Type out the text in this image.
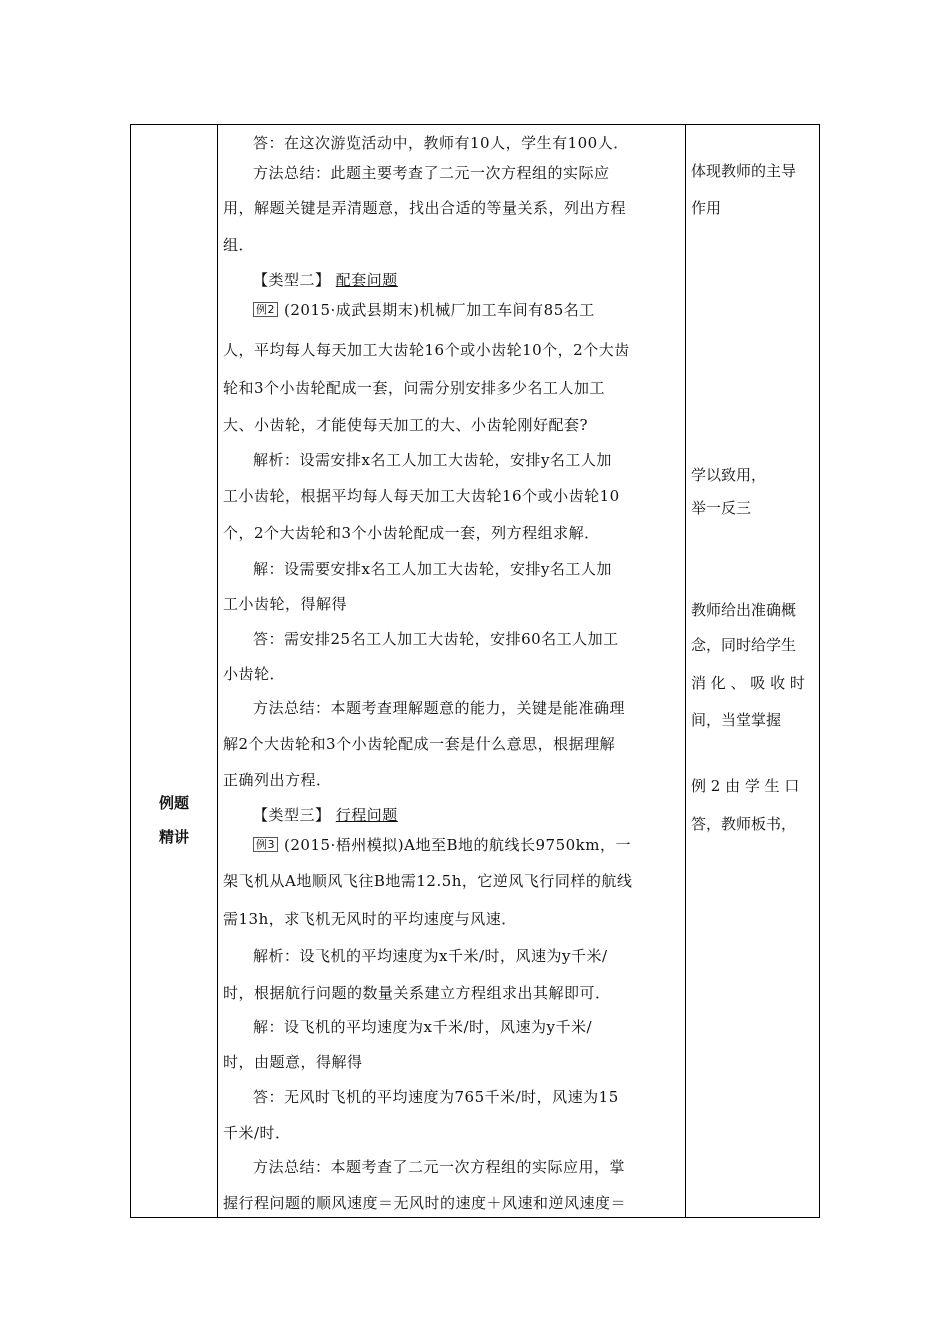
例题
精讲
答：在这次游览活动中，教师有10人，学生有100人．
方法总结：此题主要考查了二元一次方程组的实际应
用，解题关键是弄清题意，找出合适的等量关系，列出方程
组．
【类型二】 配套问题
例2 (2015·成武县期末)机械厂加工车间有85名工
人，平均每人每天加工大齿轮16个或小齿轮10个，2个大齿
轮和3个小齿轮配成一套，问需分别安排多少名工人加工
大、小齿轮，才能使每天加工的大、小齿轮刚好配套?
解析：设需安排x名工人加工大齿轮，安排y名工人加
工小齿轮，根据平均每人每天加工大齿轮16个或小齿轮10
个，2个大齿轮和3个小齿轮配成一套，列方程组求解．
解：设需要安排x名工人加工大齿轮，安排y名工人加
工小齿轮，得解得
答：需安排25名工人加工大齿轮，安排60名工人加工
小齿轮．
方法总结：本题考查理解题意的能力，关键是能准确理
解2个大齿轮和3个小齿轮配成一套是什么意思，根据理解
正确列出方程．
【类型三】 行程问题
例3 (2015·梧州模拟)A地至B地的航线长9750km，一
架飞机从A地顺风飞往B地需12.5h，它逆风飞行同样的航线
需13h，求飞机无风时的平均速度与风速．
解析：设飞机的平均速度为x千米/时，风速为y千米/
时，根据航行问题的数量关系建立方程组求出其解即可．
解：设飞机的平均速度为x千米/时，风速为y千米/
时，由题意，得解得
答：无风时飞机的平均速度为765千米/时，风速为15
千米/时．
方法总结：本题考查了二元一次方程组的实际应用，掌
握行程问题的顺风速度＝无风时的速度＋风速和逆风速度＝
体现教师的主导
作用
学以致用，
举一反三
教师给出准确概
念，同时给学生
消 化 、 吸 收 时
间，当堂掌握
例 2 由 学 生 口
答，教师板书，
